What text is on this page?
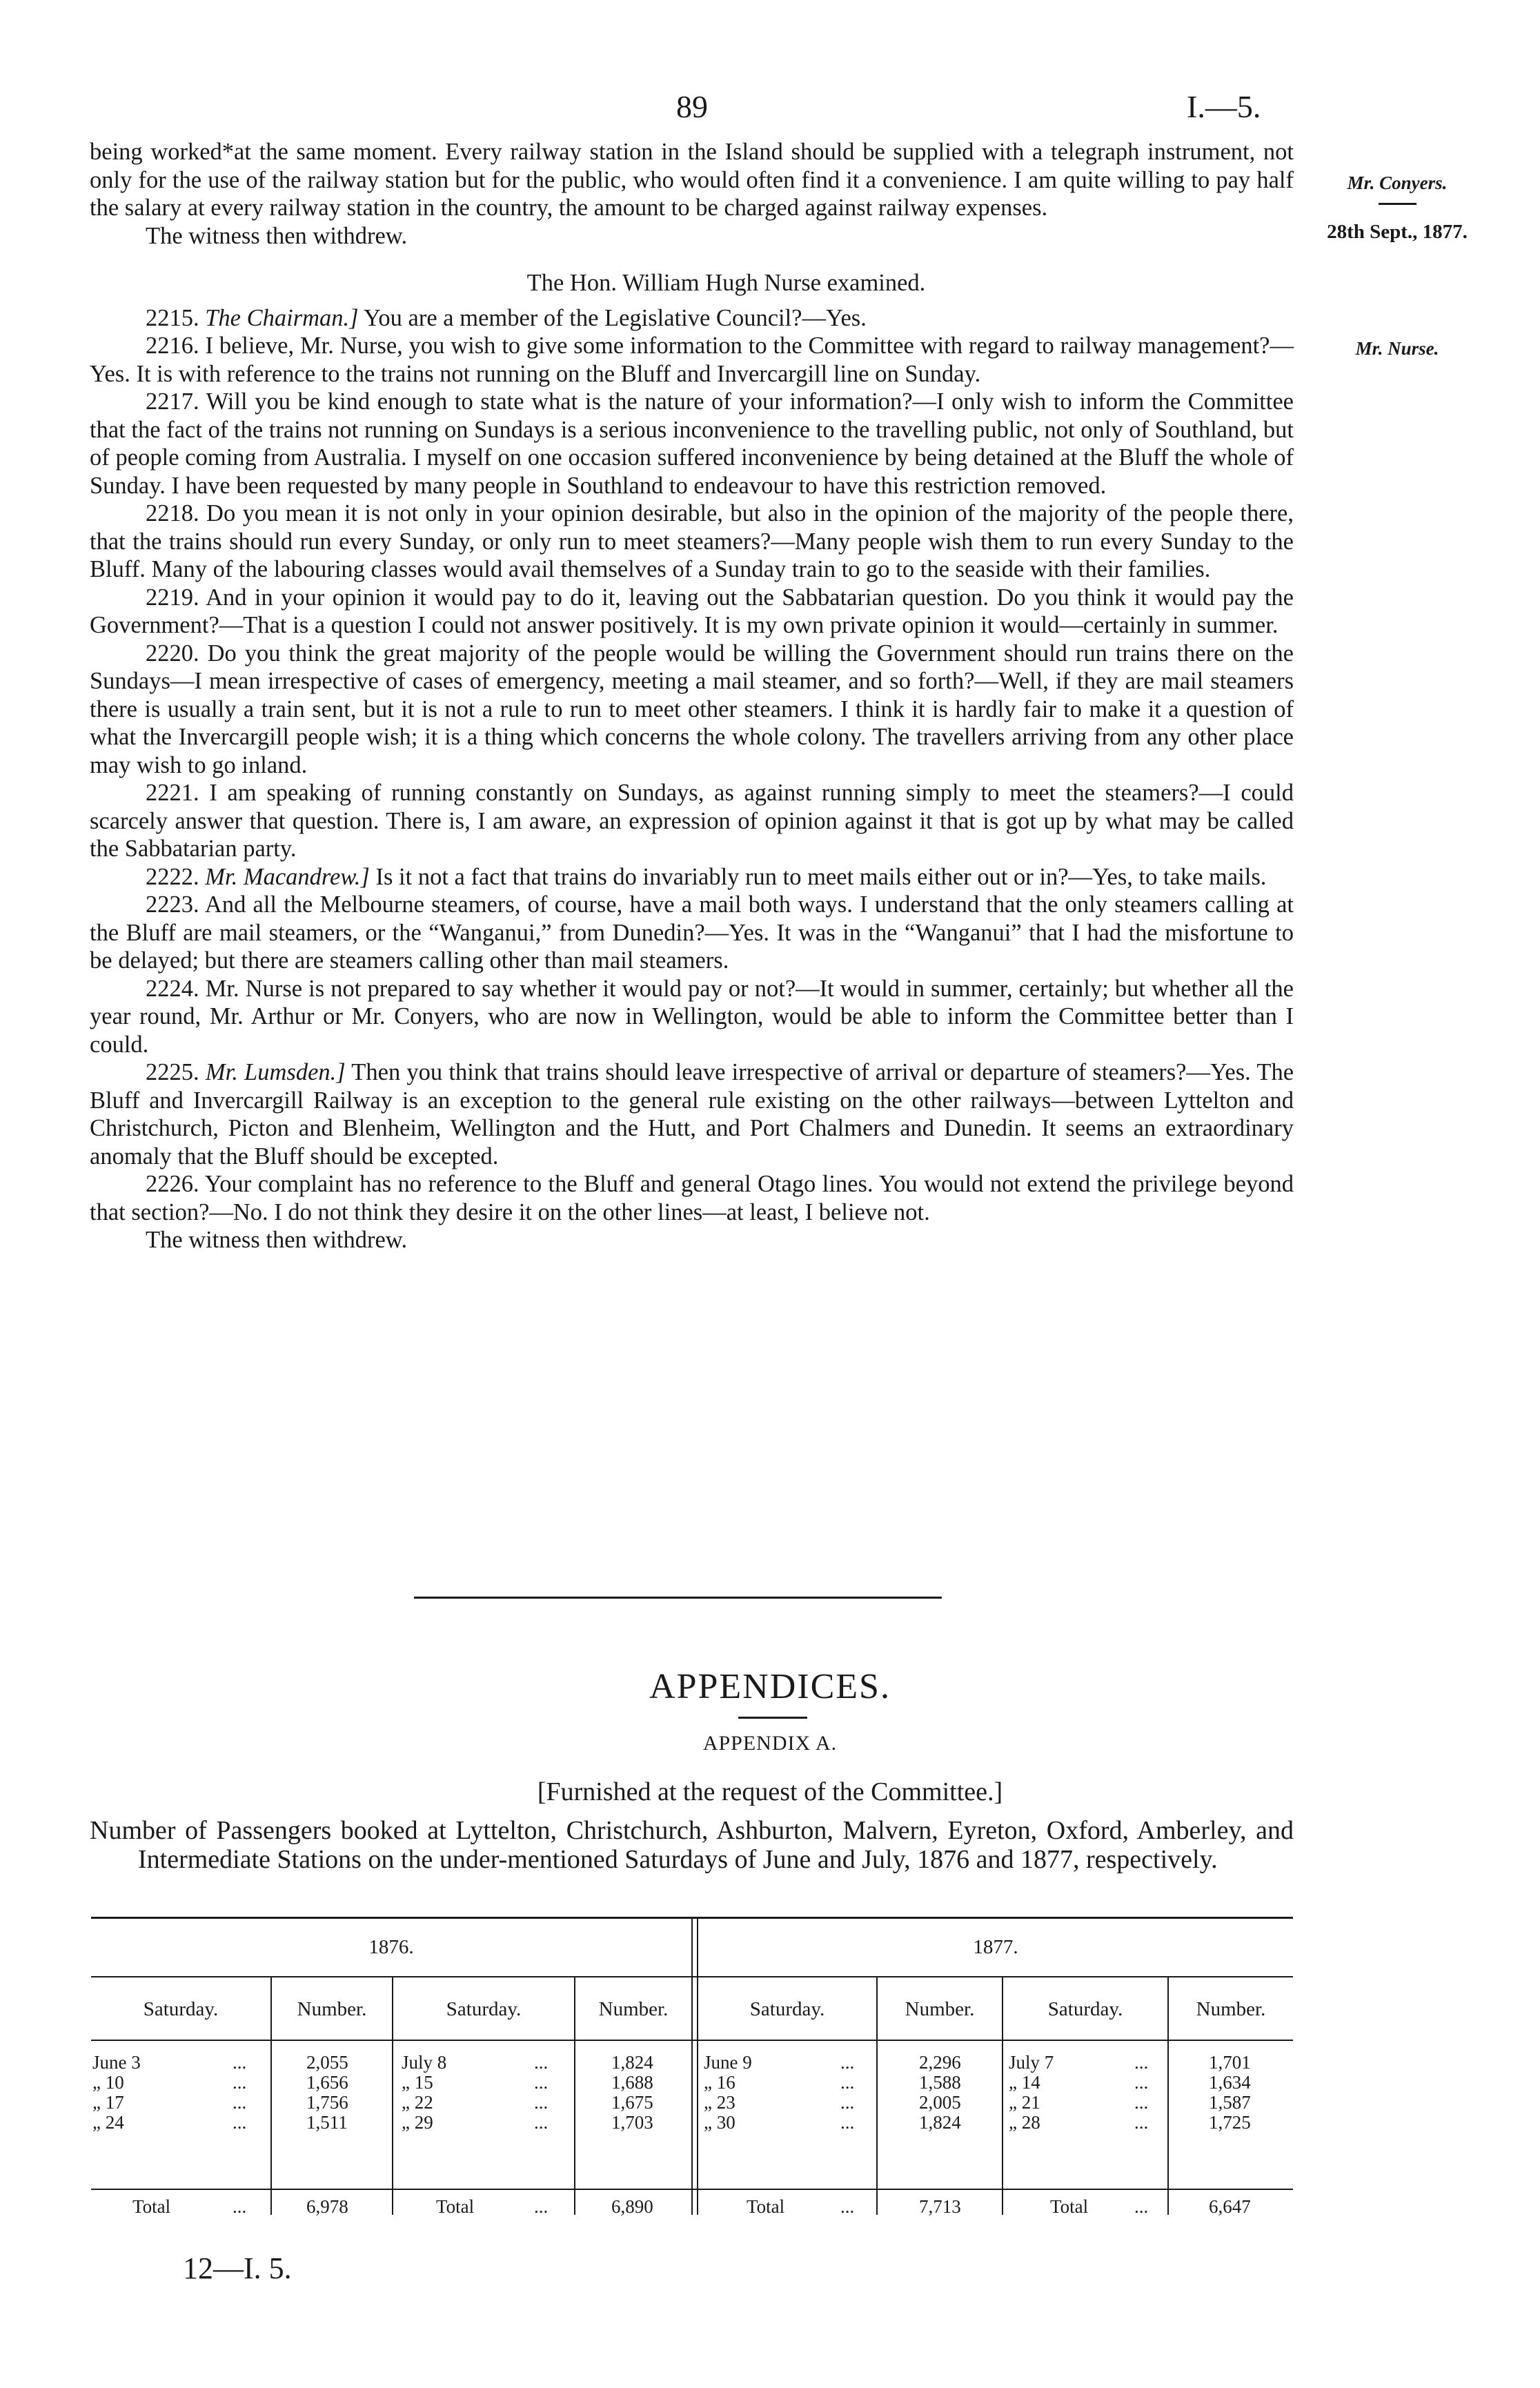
89	I.—5.
Mr. Conyers.
28th Sept., 1877.
Mr. Nurse.

being worked*at the same moment. Every railway station in the Island should be supplied with a telegraph instrument, not only for the use of the railway station but for the public, who would often find it a convenience. I am quite willing to pay half the salary at every railway station in the country, the amount to be charged against railway expenses.

The witness then withdrew.

The Hon. William Hugh Nurse examined.

2215. The Chairman.] You are a member of the Legislative Council?—Yes.

2216. I believe, Mr. Nurse, you wish to give some information to the Committee with regard to railway management?—Yes. It is with reference to the trains not running on the Bluff and Invercargill line on Sunday.

2217. Will you be kind enough to state what is the nature of your information?—I only wish to inform the Committee that the fact of the trains not running on Sundays is a serious inconvenience to the travelling public, not only of Southland, but of people coming from Australia. I myself on one occasion suffered inconvenience by being detained at the Bluff the whole of Sunday. I have been requested by many people in Southland to endeavour to have this restriction removed.

2218. Do you mean it is not only in your opinion desirable, but also in the opinion of the majority of the people there, that the trains should run every Sunday, or only run to meet steamers?—Many people wish them to run every Sunday to the Bluff. Many of the labouring classes would avail themselves of a Sunday train to go to the seaside with their families.

2219. And in your opinion it would pay to do it, leaving out the Sabbatarian question. Do you think it would pay the Government?—That is a question I could not answer positively. It is my own private opinion it would—certainly in summer.

2220. Do you think the great majority of the people would be willing the Government should run trains there on the Sundays—I mean irrespective of cases of emergency, meeting a mail steamer, and so forth?—Well, if they are mail steamers there is usually a train sent, but it is not a rule to run to meet other steamers. I think it is hardly fair to make it a question of what the Invercargill people wish; it is a thing which concerns the whole colony. The travellers arriving from any other place may wish to go inland.

2221. I am speaking of running constantly on Sundays, as against running simply to meet the steamers?—I could scarcely answer that question. There is, I am aware, an expression of opinion against it that is got up by what may be called the Sabbatarian party.

2222. Mr. Macandrew.] Is it not a fact that trains do invariably run to meet mails either out or in?—Yes, to take mails.

2223. And all the Melbourne steamers, of course, have a mail both ways. I understand that the only steamers calling at the Bluff are mail steamers, or the “Wanganui,” from Dunedin?—Yes. It was in the “Wanganui” that I had the misfortune to be delayed; but there are steamers calling other than mail steamers.

2224. Mr. Nurse is not prepared to say whether it would pay or not?—It would in summer, certainly; but whether all the year round, Mr. Arthur or Mr. Conyers, who are now in Wellington, would be able to inform the Committee better than I could.

2225. Mr. Lumsden.] Then you think that trains should leave irrespective of arrival or departure of steamers?—Yes. The Bluff and Invercargill Railway is an exception to the general rule existing on the other railways—between Lyttelton and Christchurch, Picton and Blenheim, Wellington and the Hutt, and Port Chalmers and Dunedin. It seems an extraordinary anomaly that the Bluff should be excepted.

2226. Your complaint has no reference to the Bluff and general Otago lines. You would not extend the privilege beyond that section?—No. I do not think they desire it on the other lines—at least, I believe not.

The witness then withdrew.

APPENDICES.
APPENDIX A.
[Furnished at the request of the Committee.]
Number of Passengers booked at Lyttelton, Christchurch, Ashburton, Malvern, Eyreton, Oxford, Amberley, and Intermediate Stations on the under-mentioned Saturdays of June and July, 1876 and 1877, respectively.
1876.	1877.
Saturday.	Number.	Saturday.	Number.	Saturday.	Number.	Saturday.	Number.
June 3	...	2,055	July 8	...	1,824	June 9	...	2,296	July 7	...	1,701
„ 10	...	1,656	„ 15	...	1,688	„ 16	...	1,588	„ 14	...	1,634
„ 17	...	1,756	„ 22	...	1,675	„ 23	...	2,005	„ 21	...	1,587
„ 24	...	1,511	„ 29	...	1,703	„ 30	...	1,824	„ 28	...	1,725
Total	...	6,978	Total	...	6,890	Total	...	7,713	Total ...	6,647
12—I. 5.
